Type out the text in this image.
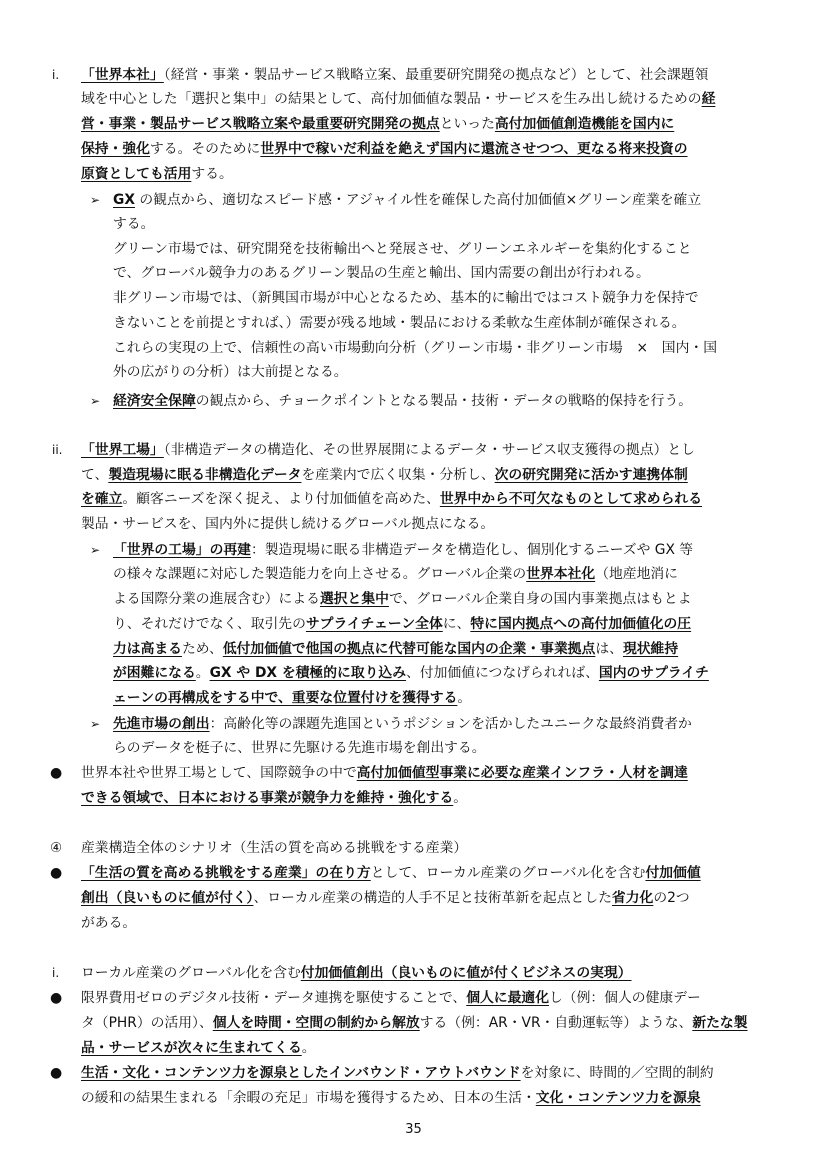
i. 「世界本社」（経営・事業・製品サービス戦略立案、最重要研究開発の拠点など）として、社会課題領
域を中心とした「選択と集中」の結果として、高付加価値な製品・サービスを生み出し続けるための経
営・事業・製品サービス戦略立案や最重要研究開発の拠点といった高付加価値創造機能を国内に
保持・強化する。そのために世界中で稼いだ利益を絶えず国内に還流させつつ、更なる将来投資の
原資としても活用する。
➢ GX の観点から、適切なスピード感・アジャイル性を確保した高付加価値×グリーン産業を確立
する。
グリーン市場では、研究開発を技術輸出へと発展させ、グリーンエネルギーを集約化すること
で、グローバル競争力のあるグリーン製品の生産と輸出、国内需要の創出が行われる。
非グリーン市場では、（新興国市場が中心となるため、基本的に輸出ではコスト競争力を保持で
きないことを前提とすれば、）需要が残る地域・製品における柔軟な生産体制が確保される。
これらの実現の上で、信頼性の高い市場動向分析（グリーン市場・非グリーン市場　×　国内・国
外の広がりの分析）は大前提となる。
➢ 経済安全保障の観点から、チョークポイントとなる製品・技術・データの戦略的保持を行う。
ii. 「世界工場」（非構造データの構造化、その世界展開によるデータ・サービス収支獲得の拠点）とし
て、製造現場に眠る非構造化データを産業内で広く収集・分析し、次の研究開発に活かす連携体制
を確立。顧客ニーズを深く捉え、より付加価値を高めた、世界中から不可欠なものとして求められる
製品・サービスを、国内外に提供し続けるグローバル拠点になる。
➢ 「世界の工場」の再建：製造現場に眠る非構造データを構造化し、個別化するニーズや GX 等
の様々な課題に対応した製造能力を向上させる。グローバル企業の世界本社化（地産地消に
よる国際分業の進展含む）による選択と集中で、グローバル企業自身の国内事業拠点はもとよ
り、それだけでなく、取引先のサプライチェーン全体に、特に国内拠点への高付加価値化の圧
力は高まるため、低付加価値で他国の拠点に代替可能な国内の企業・事業拠点は、現状維持
が困難になる。GX や DX を積極的に取り込み、付加価値につなげられれば、国内のサプライチ
ェーンの再構成をする中で、重要な位置付けを獲得する。
➢ 先進市場の創出：高齢化等の課題先進国というポジションを活かしたユニークな最終消費者か
らのデータを梃子に、世界に先駆ける先進市場を創出する。
● 世界本社や世界工場として、国際競争の中で高付加価値型事業に必要な産業インフラ・人材を調達
できる領域で、日本における事業が競争力を維持・強化する。
④ 産業構造全体のシナリオ（生活の質を高める挑戦をする産業）
● 「生活の質を高める挑戦をする産業」の在り方として、ローカル産業のグローバル化を含む付加価値
創出（良いものに値が付く）、ローカル産業の構造的人手不足と技術革新を起点とした省力化の2つ
がある。
i. ローカル産業のグローバル化を含む付加価値創出（良いものに値が付くビジネスの実現）
● 限界費用ゼロのデジタル技術・データ連携を駆使することで、個人に最適化し（例：個人の健康デー
タ（PHR）の活用）、個人を時間・空間の制約から解放する（例：AR・VR・自動運転等）ような、新たな製
品・サービスが次々に生まれてくる。
● 生活・文化・コンテンツ力を源泉としたインバウンド・アウトバウンドを対象に、時間的／空間的制約
の緩和の結果生まれる「余暇の充足」市場を獲得するため、日本の生活・文化・コンテンツ力を源泉
35
